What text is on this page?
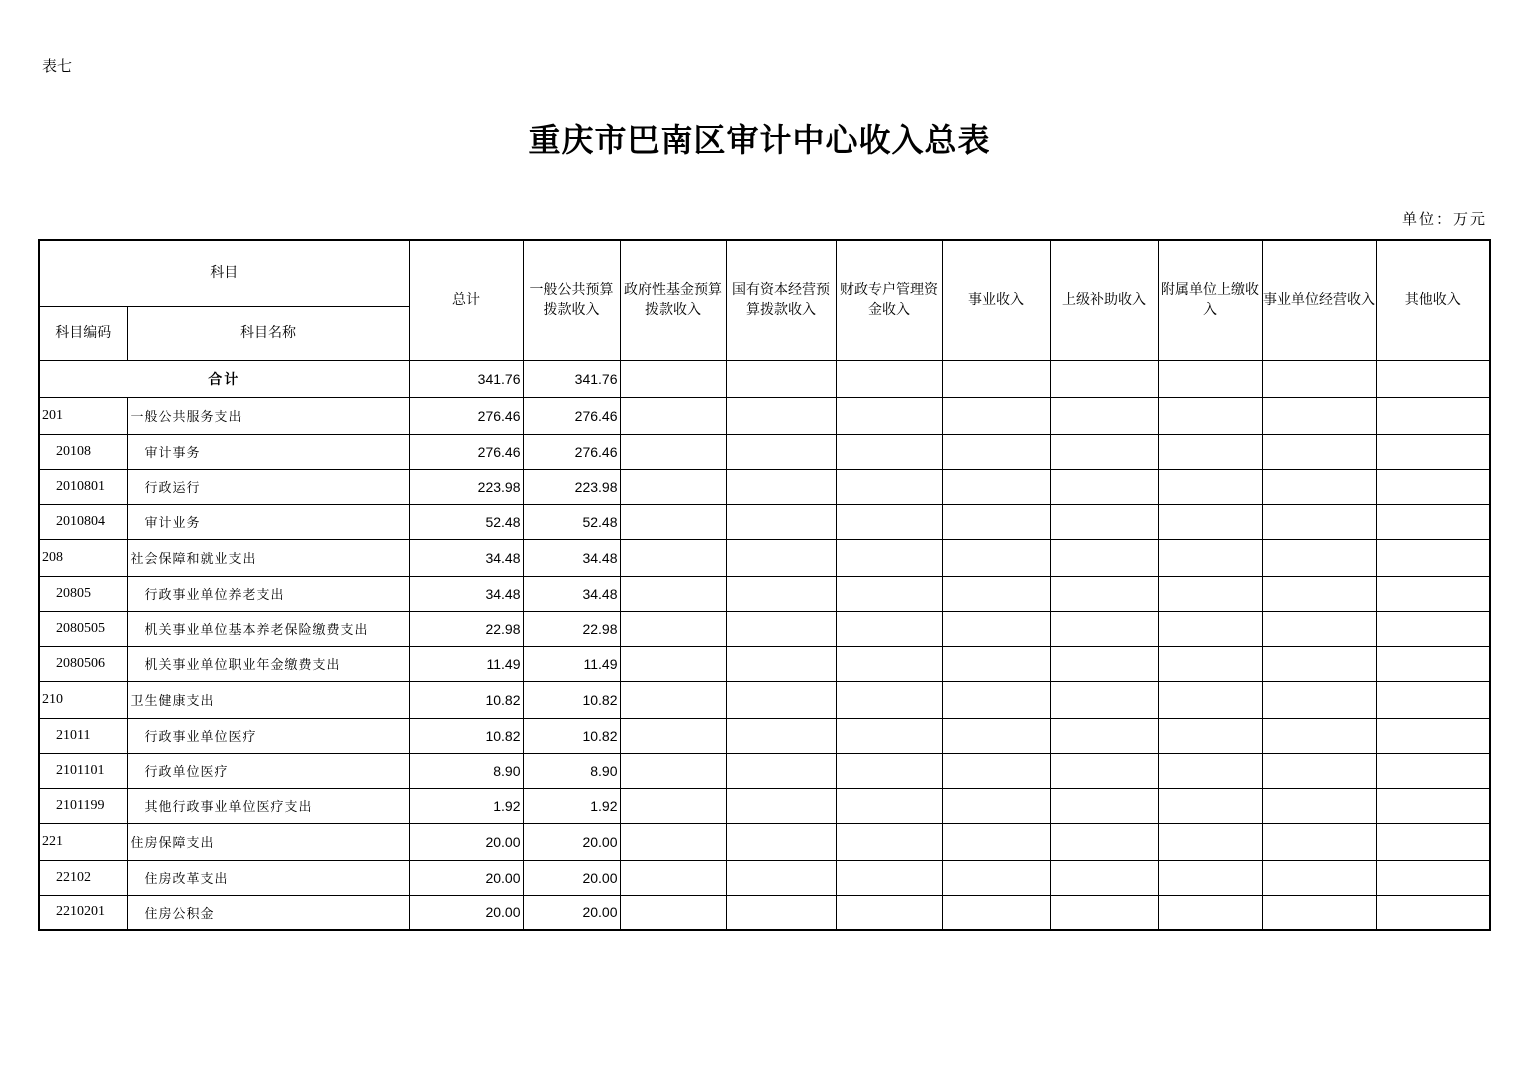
表七
重庆市巴南区审计中心收入总表
单位：万元
科目		总计	一般公共预算拨款收入	政府性基金预算拨款收入	国有资本经营预算拨款收入	财政专户管理资金收入	事业收入	上级补助收入	附属单位上缴收入	事业单位经营收入	其他收入
科目编码	科目名称										
合计		341.76	341.76								
201	一般公共服务支出	276.46	276.46								
20108	审计事务	276.46	276.46								
2010801	行政运行	223.98	223.98								
2010804	审计业务	52.48	52.48								
208	社会保障和就业支出	34.48	34.48								
20805	行政事业单位养老支出	34.48	34.48								
2080505	机关事业单位基本养老保险缴费支出	22.98	22.98								
2080506	机关事业单位职业年金缴费支出	11.49	11.49								
210	卫生健康支出	10.82	10.82								
21011	行政事业单位医疗	10.82	10.82								
2101101	行政单位医疗	8.90	8.90								
2101199	其他行政事业单位医疗支出	1.92	1.92								
221	住房保障支出	20.00	20.00								
22102	住房改革支出	20.00	20.00								
2210201	住房公积金	20.00	20.00								
